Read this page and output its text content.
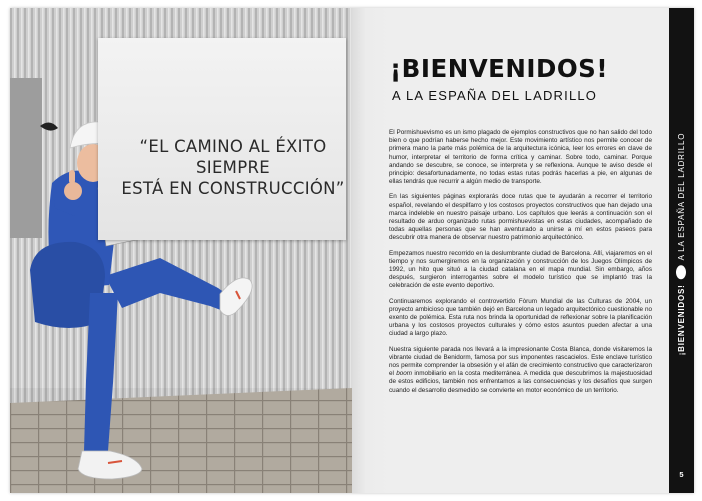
“EL CAMINO AL ÉXITO SIEMPRE
ESTÁ EN CONSTRUCCIÓN”
¡BIENVENIDOS!
A LA ESPAÑA DEL LADRILLO

El Pormishuevismo es un ismo plagado de ejemplos constructivos que no han salido del todo bien o que podrían haberse hecho mejor. Este movimiento artístico nos permite conocer de primera mano la parte más polémica de la arquitectura icónica, leer los errores en clave de humor, interpretar el territorio de forma crítica y caminar. Sobre todo, caminar. Porque andando se descubre, se conoce, se interpreta y se reflexiona. Aunque te aviso desde el principio: desafortunadamente, no todas estas rutas podrás hacerlas a pie, en algunas de ellas tendrás que recurrir a algún medio de transporte.

En las siguientes páginas explorarás doce rutas que te ayudarán a recorrer el territorio español, revelando el despilfarro y los costosos proyectos constructivos que han dejado una marca indeleble en nuestro paisaje urbano. Los capítulos que leerás a continuación son el resultado de arduo organizado rutas pormishuevistas en estas ciudades, acompañado de todas aquellas personas que se han aventurado a unirse a mí en estos paseos para descubrir otra manera de observar nuestro patrimonio arquitectónico.

Empezamos nuestro recorrido en la deslumbrante ciudad de Barcelona. Allí, viajaremos en el tiempo y nos sumergiremos en la organización y construcción de los Juegos Olímpicos de 1992, un hito que situó a la ciudad catalana en el mapa mundial. Sin embargo, años después, surgieron interrogantes sobre el modelo turístico que se implantó tras la celebración de este evento deportivo.

Continuaremos explorando el controvertido Fòrum Mundial de las Culturas de 2004, un proyecto ambicioso que también dejó en Barcelona un legado arquitectónico cuestionable no exento de polémica. Esta ruta nos brinda la oportunidad de reflexionar sobre la planificación urbana y los costosos proyectos culturales y cómo estos asuntos pueden afectar a una ciudad a largo plazo.

Nuestra siguiente parada nos llevará a la impresionante Costa Blanca, donde visitaremos la vibrante ciudad de Benidorm, famosa por sus imponentes rascacielos. Este enclave turístico nos permite comprender la obsesión y el afán de crecimiento constructivo que caracterizaron el boom inmobiliario en la costa mediterránea. A medida que descubrimos la majestuosidad de estos edificios, también nos enfrentamos a las consecuencias y los desafíos que surgen cuando el desarrollo desmedido se convierte en motor económico de un territorio.

¡BIENVENIDOS!
A LA ESPAÑA DEL LADRILLO
5
